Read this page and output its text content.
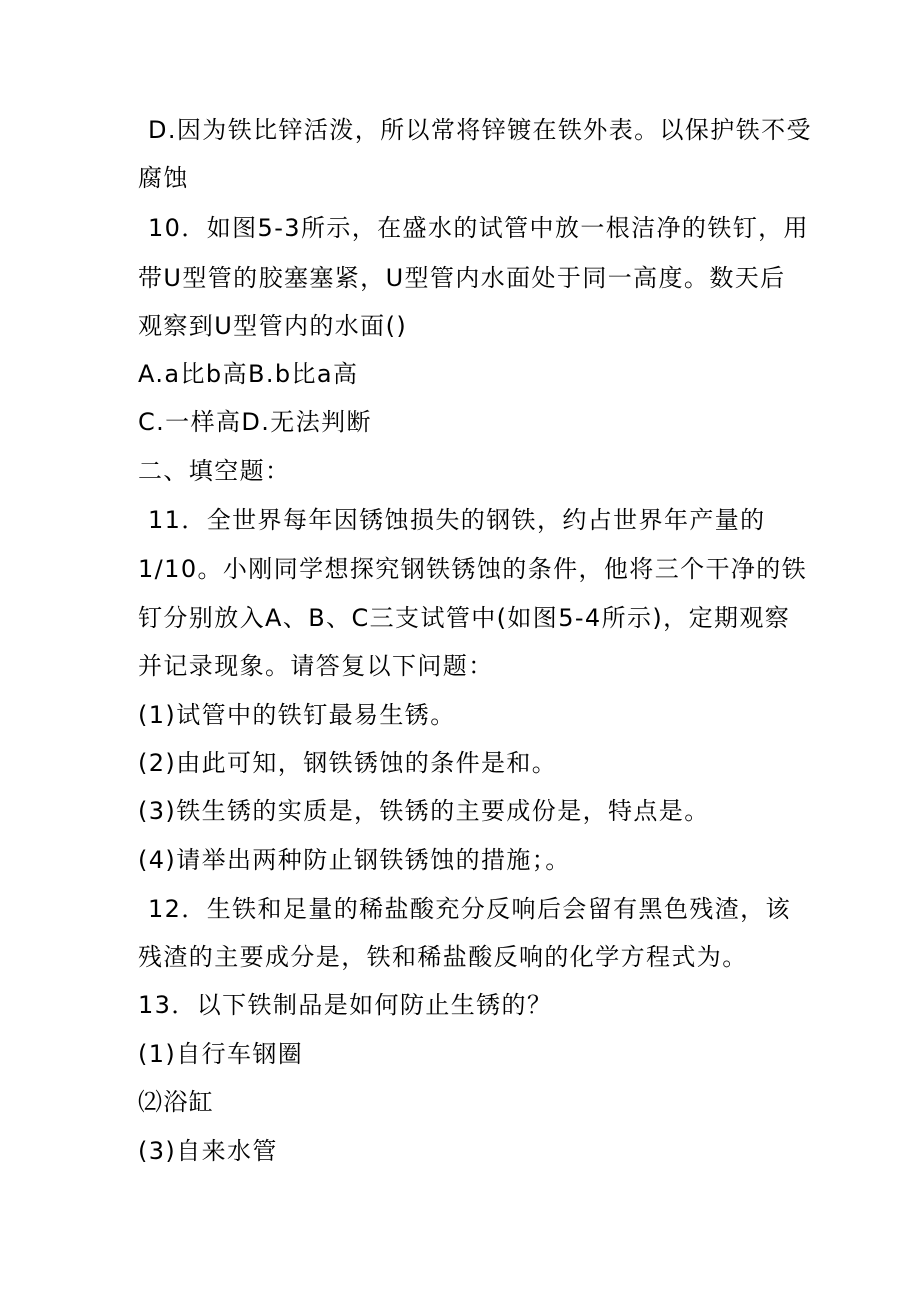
D.因为铁比锌活泼，所以常将锌镀在铁外表。以保护铁不受
腐蚀
10．如图5-3所示，在盛水的试管中放一根洁净的铁钉，用
带U型管的胶塞塞紧，U型管内水面处于同一高度。数天后
观察到U型管内的水面()
A.a比b高B.b比a高
C.一样高D.无法判断
二、填空题：
11．全世界每年因锈蚀损失的钢铁，约占世界年产量的
1/10。小刚同学想探究钢铁锈蚀的条件，他将三个干净的铁
钉分别放入A、B、C三支试管中(如图5-4所示)，定期观察
并记录现象。请答复以下问题：
(1)试管中的铁钉最易生锈。
(2)由此可知，钢铁锈蚀的条件是和。
(3)铁生锈的实质是，铁锈的主要成份是，特点是。
(4)请举出两种防止钢铁锈蚀的措施；。
12．生铁和足量的稀盐酸充分反响后会留有黑色残渣，该
残渣的主要成分是，铁和稀盐酸反响的化学方程式为。
13．以下铁制品是如何防止生锈的？
(1)自行车钢圈
⑵浴缸
(3)自来水管
